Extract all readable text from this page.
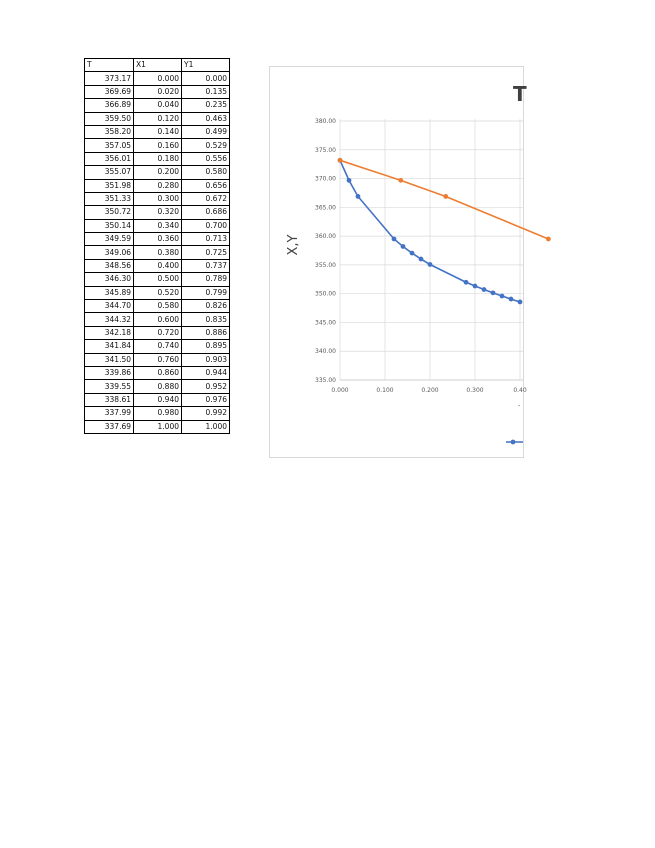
T	X1	Y1
373.17	0.000	0.000
369.69	0.020	0.135
366.89	0.040	0.235
359.50	0.120	0.463
358.20	0.140	0.499
357.05	0.160	0.529
356.01	0.180	0.556
355.07	0.200	0.580
351.98	0.280	0.656
351.33	0.300	0.672
350.72	0.320	0.686
350.14	0.340	0.700
349.59	0.360	0.713
349.06	0.380	0.725
348.56	0.400	0.737
346.30	0.500	0.789
345.89	0.520	0.799
344.70	0.580	0.826
344.32	0.600	0.835
342.18	0.720	0.886
341.84	0.740	0.895
341.50	0.760	0.903
339.86	0.860	0.944
339.55	0.880	0.952
338.61	0.940	0.976
337.99	0.980	0.992
337.69	1.000	1.000
T
X,Y
0.000	0.100	0.200	0.300	0.40
335.00
340.00
345.00
350.00
355.00
360.00
365.00
370.00
375.00
380.00
-
